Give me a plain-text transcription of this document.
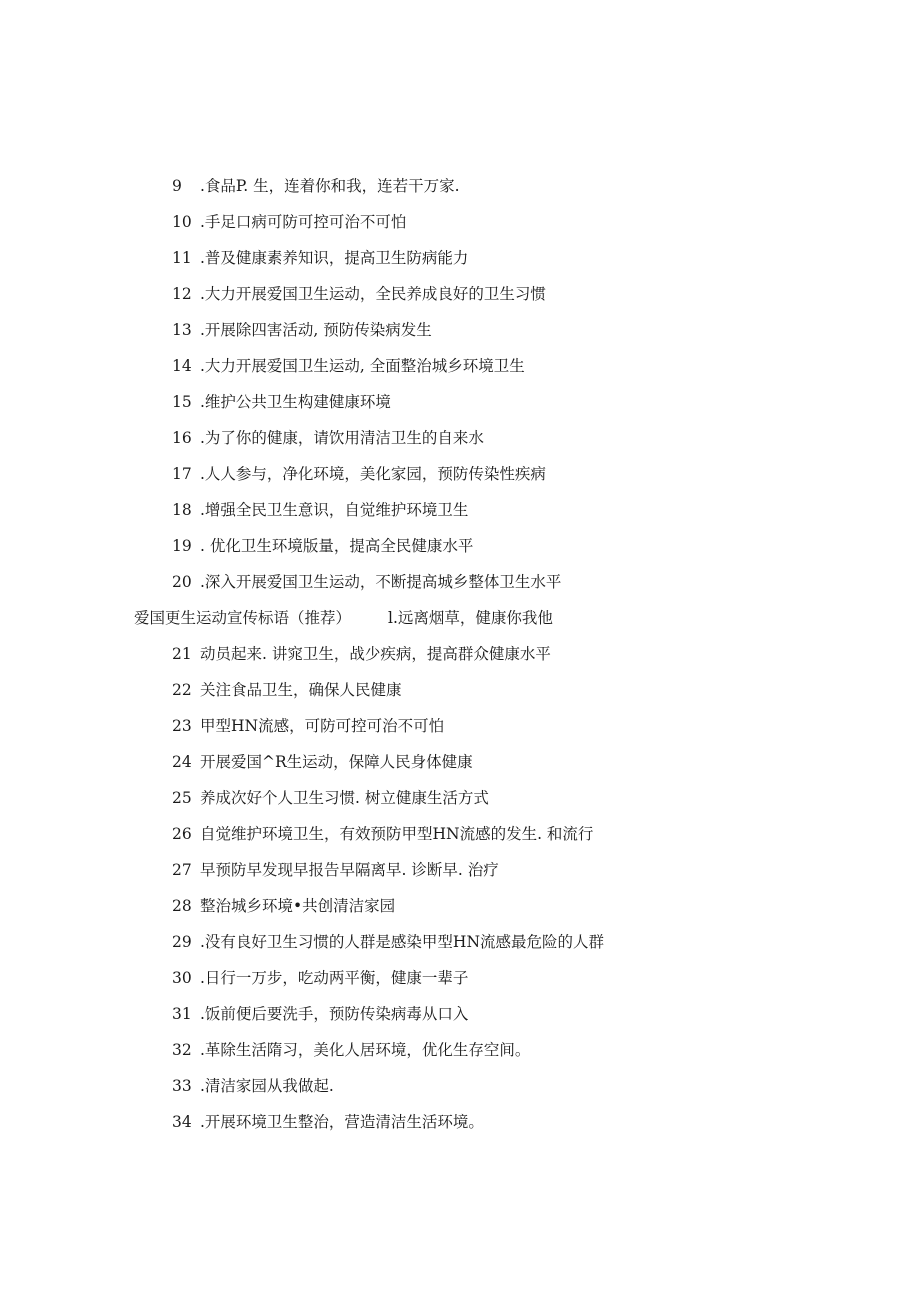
9	.食品P. 生，连着你和我，连若干万家.
10 .手足口病可防可控可治不可怕
11 .普及健康素养知识，提高卫生防病能力
12 .大力开展爱国卫生运动，全民养成良好的卫生习惯
13 .开展除四害活动, 预防传染病发生
14 .大力开展爱国卫生运动, 全面整治城乡环境卫生
15 .维护公共卫生构建健康环境
16 .为了你的健康，请饮用清洁卫生的自来水
17 .人人参与，净化环境，美化家园，预防传染性疾病
18 .增强全民卫生意识，自觉维护环境卫生
19 . 优化卫生环境版量，提高全民健康水平
20 .深入开展爱国卫生运动，不断提高城乡整体卫生水平
爱国更生运动宣传标语（推荐）	l.远离烟草，健康你我他
21 动员起来. 讲窕卫生，战少疾病，提高群众健康水平
22 关注食品卫生，确保人民健康
23 甲型HN流感，可防可控可治不可怕
24 开展爱国^R生运动，保障人民身体健康
25 养成次好个人卫生习惯. 树立健康生活方式
26 自觉维护环境卫生，有效预防甲型HN流感的发生. 和流行
27 早预防早发现早报告早隔离早. 诊断早. 治疗
28 整治城乡环境•共创清洁家园
29 .没有良好卫生习惯的人群是感染甲型HN流感最危险的人群
30 .日行一万步，吃动两平衡，健康一辈子
31 .饭前便后要洗手，预防传染病毒从口入
32 .革除生活隋习，美化人居环境，优化生存空间。
33 .清洁家园从我做起.
34 .开展环境卫生整治，营造清洁生活环境。
